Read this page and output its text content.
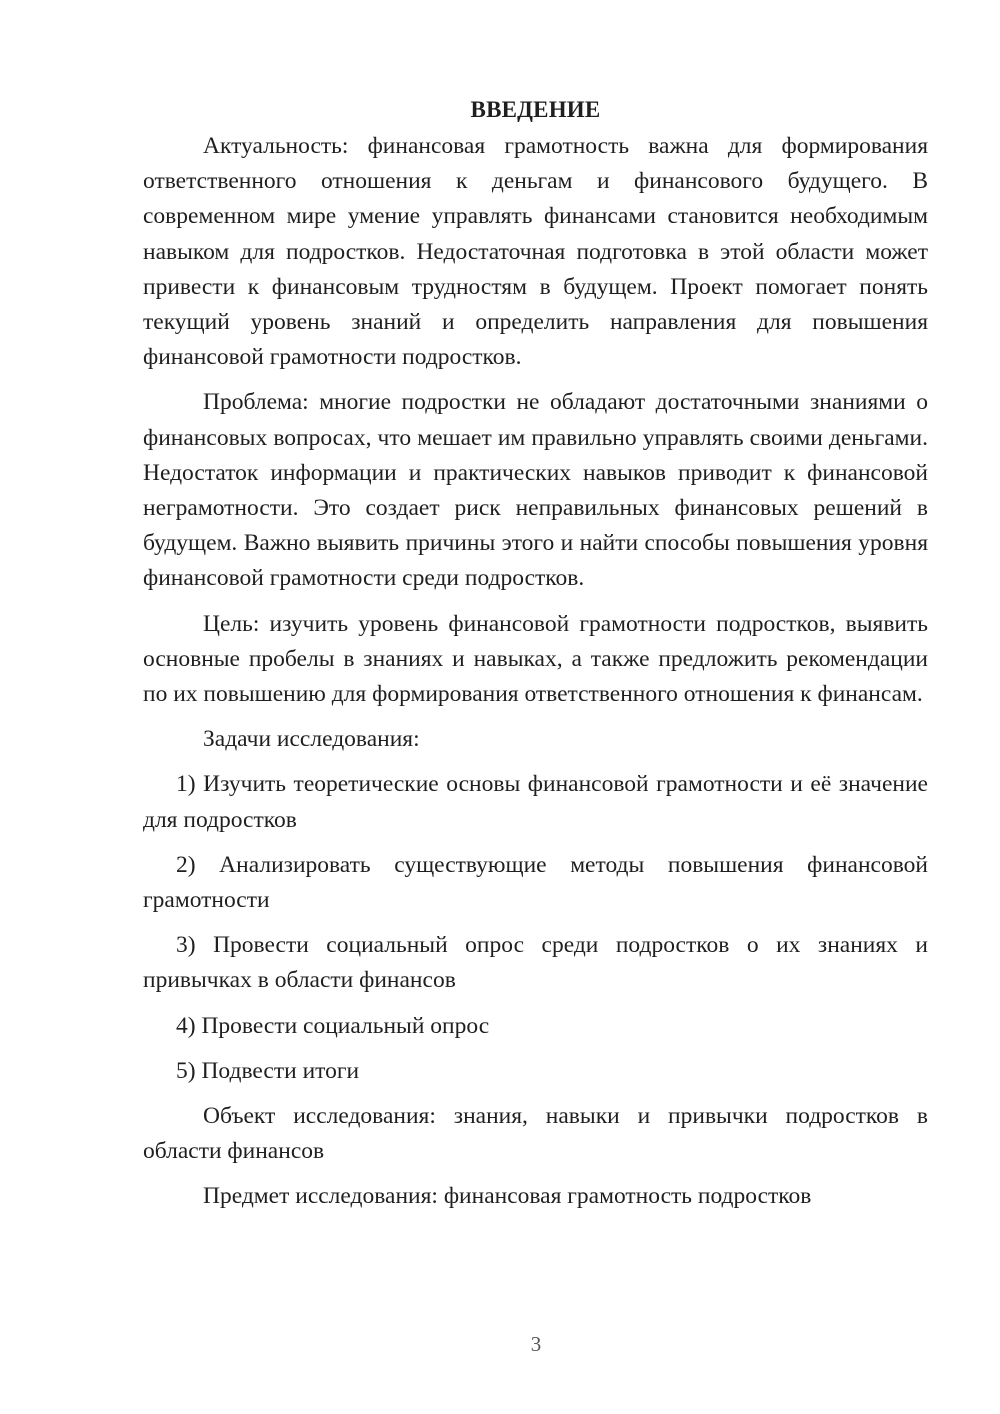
ВВЕДЕНИЕ

Актуальность: финансовая грамотность важна для формирования ответственного отношения к деньгам и финансового будущего. В современном мире умение управлять финансами становится необходимым навыком для подростков. Недостаточная подготовка в этой области может привести к финансовым трудностям в будущем. Проект помогает понять текущий уровень знаний и определить направления для повышения финансовой грамотности подростков.

Проблема: многие подростки не обладают достаточными знаниями о финансовых вопросах, что мешает им правильно управлять своими деньгами. Недостаток информации и практических навыков приводит к финансовой неграмотности. Это создает риск неправильных финансовых решений в будущем. Важно выявить причины этого и найти способы повышения уровня финансовой грамотности среди подростков.

Цель: изучить уровень финансовой грамотности подростков, выявить основные пробелы в знаниях и навыках, а также предложить рекомендации по их повышению для формирования ответственного отношения к финансам.

Задачи исследования:

1) Изучить теоретические основы финансовой грамотности и её значение для подростков

2) Анализировать существующие методы повышения финансовой грамотности

3) Провести социальный опрос среди подростков о их знаниях и привычках в области финансов

4) Провести социальный опрос

5) Подвести итоги

Объект исследования: знания, навыки и привычки подростков в области финансов

Предмет исследования: финансовая грамотность подростков

3
